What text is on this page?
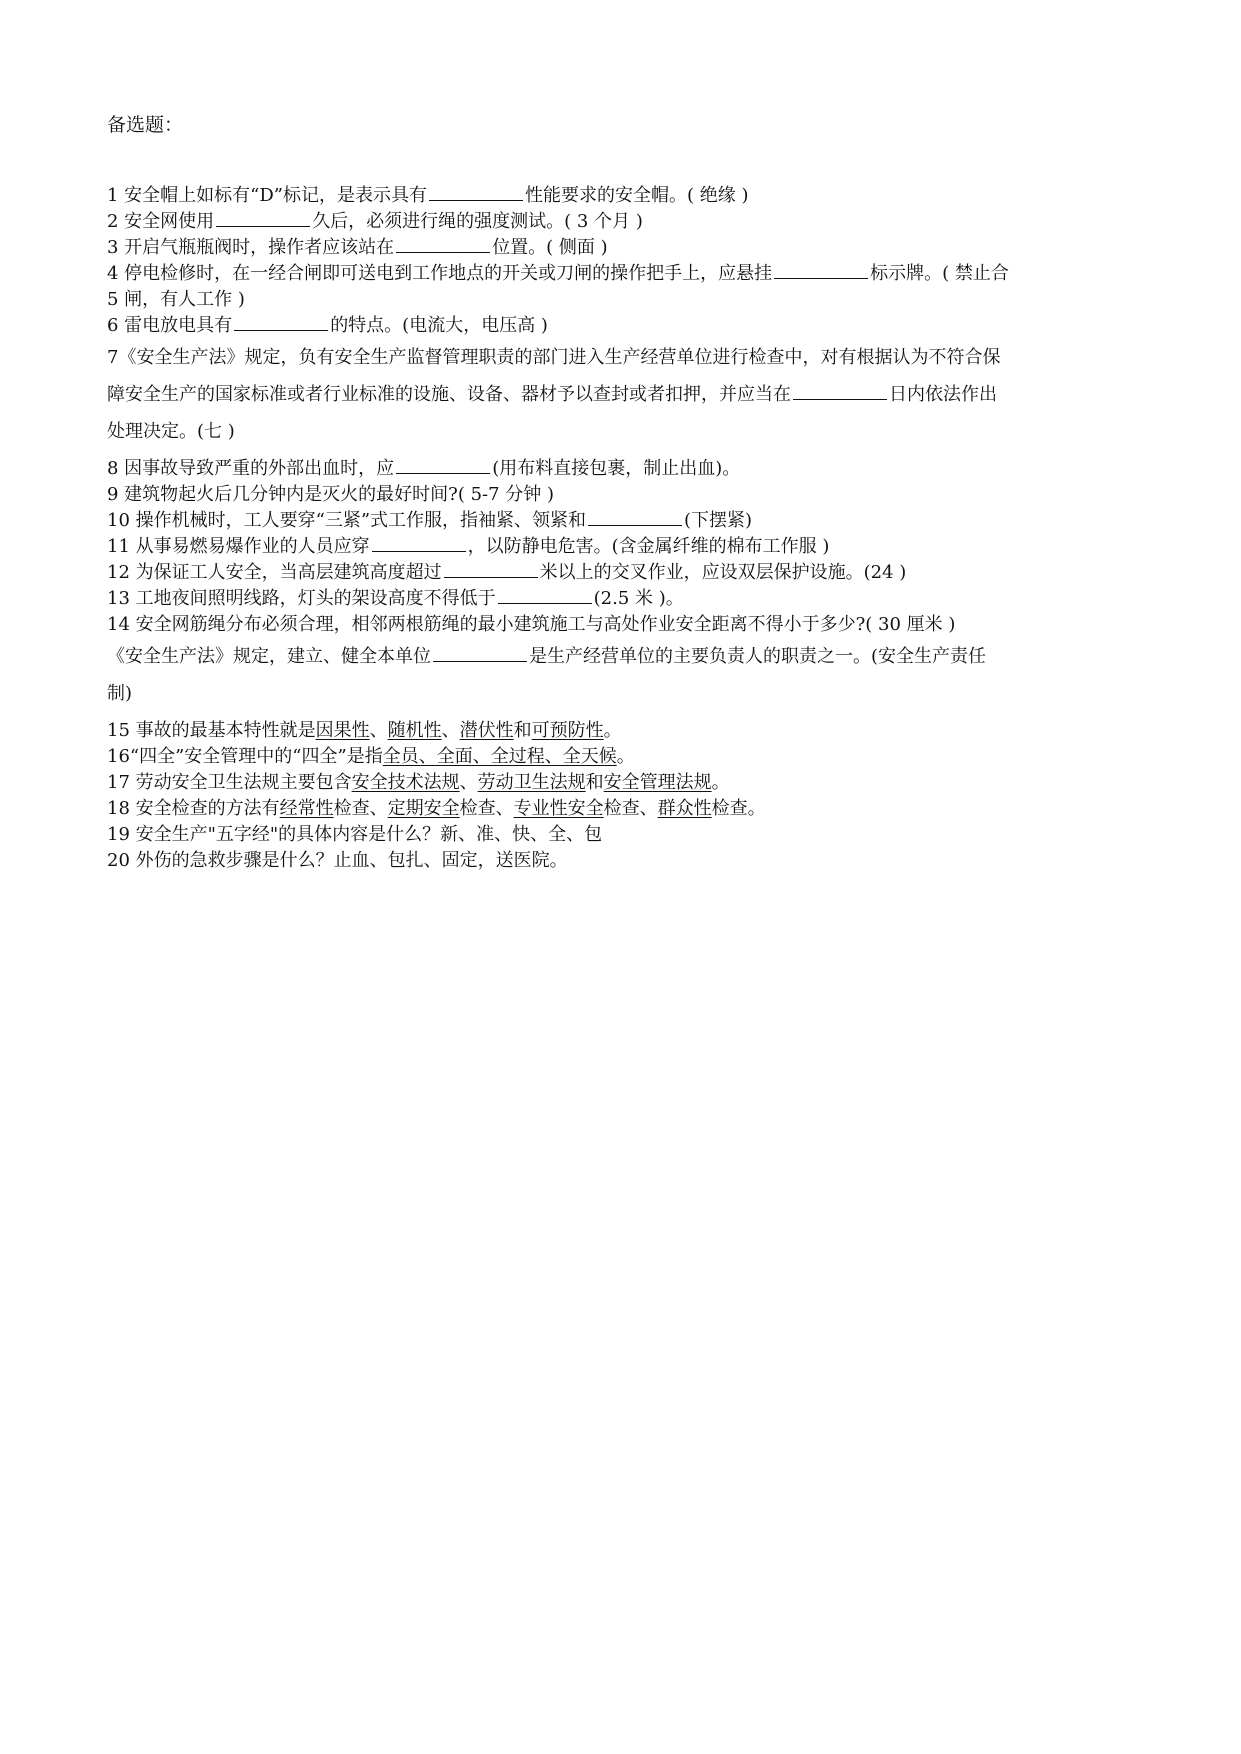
备选题：
1 安全帽上如标有“D”标记，是表示具有	性能要求的安全帽。( 绝缘 )
2 安全网使用	久后，必须进行绳的强度测试。( 3 个月 )
3 开启气瓶瓶阀时，操作者应该站在	位置。( 侧面 )
4 停电检修时，在一经合闸即可送电到工作地点的开关或刀闸的操作把手上，应悬挂	标示牌。( 禁止合
5 闸，有人工作 )
6 雷电放电具有	的特点。(电流大，电压高 )
7《安全生产法》规定，负有安全生产监督管理职责的部门进入生产经营单位进行检查中，对有根据认为不符合保
障安全生产的国家标准或者行业标准的设施、设备、器材予以查封或者扣押，并应当在	日内依法作出
处理决定。(七 )
8 因事故导致严重的外部出血时，应	(用布料直接包裹，制止出血)。
9 建筑物起火后几分钟内是灭火的最好时间?( 5-7 分钟 )
10 操作机械时，工人要穿“三紧”式工作服，指袖紧、领紧和	(下摆紧)
11 从事易燃易爆作业的人员应穿	，以防静电危害。(含金属纤维的棉布工作服 )
12 为保证工人安全，当高层建筑高度超过	米以上的交叉作业，应设双层保护设施。(24 )
13 工地夜间照明线路，灯头的架设高度不得低于	(2.5 米 )。
14 安全网筋绳分布必须合理，相邻两根筋绳的最小建筑施工与高处作业安全距离不得小于多少?( 30 厘米 )
《安全生产法》规定，建立、健全本单位	是生产经营单位的主要负责人的职责之一。(安全生产责任
制)
15 事故的最基本特性就是因果性、随机性、潜伏性和可预防性。
16“四全”安全管理中的“四全”是指全员、全面、全过程、全天候。
17 劳动安全卫生法规主要包含安全技术法规、劳动卫生法规和安全管理法规。
18 安全检查的方法有经常性检查、定期安全检查、专业性安全检查、群众性检查。
19 安全生产"五字经"的具体内容是什么？新、准、快、全、包
20 外伤的急救步骤是什么？止血、包扎、固定，送医院。
